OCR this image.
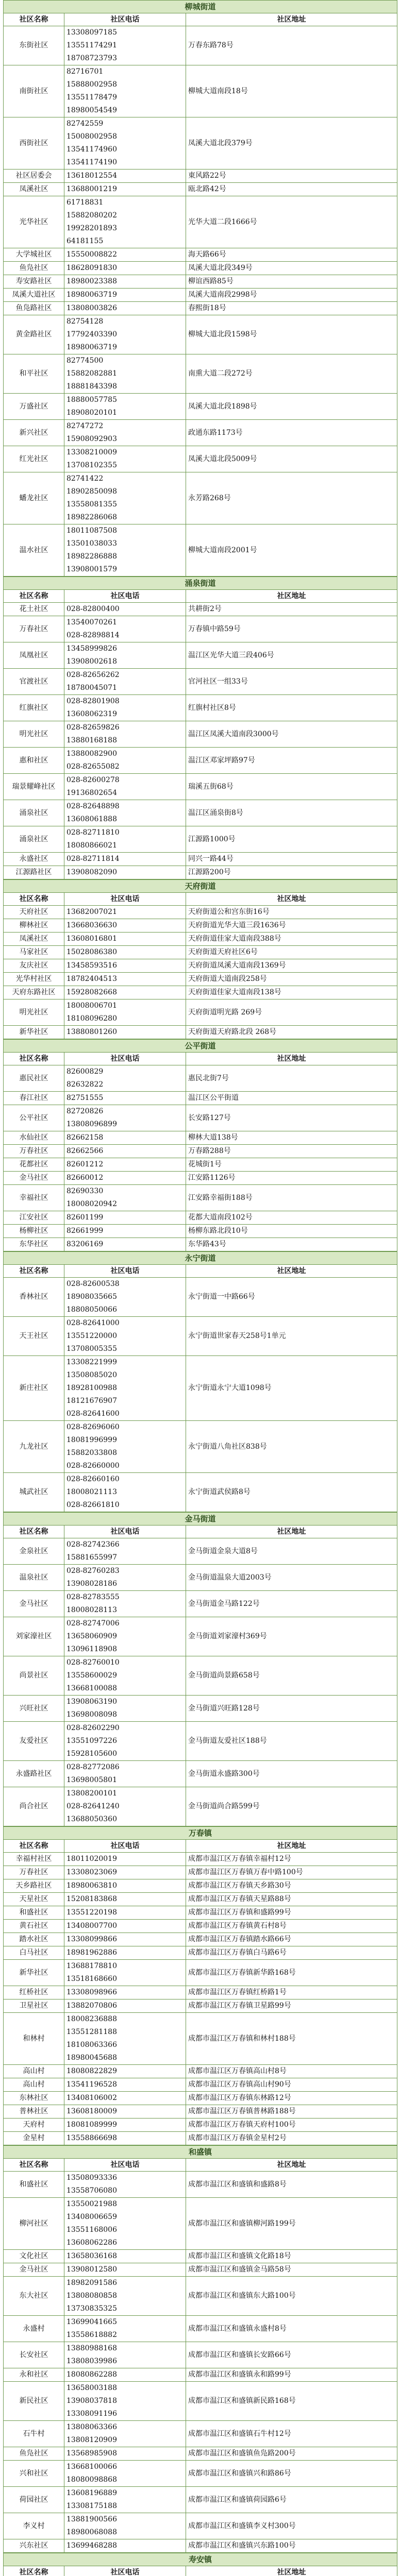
柳城街道		
社区名称	社区电话	社区地址
东街社区	13308097185
13551174291
18708723793	万春东路78号
南街社区	82716701
15888002958
13551178479
18980054549	柳城大道南段18号
西街社区	82742559
15008002958
13541174960
13541174190	凤溪大道北段379号
社区居委会	13618012554	東风路22号
凤溪社区	13688001219	瓯北路42号
光华社区	61718831
15882080202
19928201893
64181155	光华大道二段1666号
大学城社区	15550008822	海天路66号
鱼凫社区	18628091830	凤溪大道北段349号
寿安路社区	18980023388	柳谊西路85号
凤溪大道社区	18980063719	凤溪大道南段2998号
鱼凫路社区	13808003826	春熙街18号
黄金路社区	82754128
17792403390
18980063719	柳城大道北段1598号
和平社区	82774500
15882082881
18881843398	南熏大道二段272号
万盛社区	18880057785
18908020101	凤溪大道北段1898号
新兴社区	82747272
15908092903	政通东路1173号
红光社区	13308210009
13708102355	凤溪大道北段5009号
蟠龙社区	82741422
18902850098
13558081355
18982286068	永芳路268号
温水社区	18011087508
13501038033
18982286888
13908001579	柳城大道南段2001号
涌泉街道		
社区名称	社区电话	社区地址
花土社区	028-82800400	共耕街2号
万春社区	13540070261
028-82898814	万春镇中路59号
凤凰社区	13458999826
13908002618	温江区光华大道三段406号
官渡社区	028-82656262
18780045071	官河社区一组33号
红旗社区	028-82801908
13608062319	红旗村社区8号
明光社区	028-82659826
13880168188	温江区凤溪大道南段3000号
惠和社区	13880082900
028-82655082	温江区邓家坪路97号
瑞景耀峰社区	028-82600278
19136802654	瑞溪五街68号
涌泉社区	028-82648898
13608061888	温江区涌泉街8号
涌泉社区	028-82711810
18080866021	江源路1000号
永盛社区	028-82711814	同兴一路44号
江源路社区	13908082090	江源路200号
天府街道		
社区名称	社区电话	社区地址
天府社区	13682007021	天府街道公和宫东街16号
柳林社区	13668036630	天府街道光华大道三段1636号
凤溪社区	13608016801	天府街道佳家大道南段388号
马家社区	15028086380	天府街道天府社区6号
友庆社区	13458593516	天府街道凤溪大道南段1369号
光华村社区	18782404513	天府街道大道南段258号
天府东路社区	15928082668	天府街道佳家大道南段138号
明光社区	18008006701
18108096280	天府街道明光路 269号
新华社区	13880801260	天府街道天府路北段 268号
公平街道		
社区名称	社区电话	社区地址
惠民社区	82600829
82632822	惠民北街7号
春江社区	82751555	温江区公平街道
公平社区	82720826
13808096899	长安路127号
水仙社区	82662158	柳林大道138号
万春社区	82662566	万春路288号
花都社区	82601212	花城街1号
金马社区	82660012	江安路1126号
幸福社区	82690330
18008020942	江安路幸福街188号
江安社区	82601199	花都大道南段102号
杨柳社区	82661999	杨柳东路北段10号
东华社区	83206169	东华路43号
永宁街道		
社区名称	社区电话	社区地址
香林社区	028-82600538
18908035665
18808050066	永宁街道一中路66号
天王社区	028-82641000
13551220000
13708005355	永宁街道世家春天258号1单元
新庄社区	13308221999
13508085020
18928100988
18121676907
028-82641600	永宁街道永宁大道1098号
九龙社区	028-82696060
18081996999
15882033808
028-82660000	永宁街道八角社区838号
城武社区	028-82660160
18008021113
028-82661810	永宁街道武侯路8号
金马街道		
社区名称	社区电话	社区地址
金泉社区	028-82742366
15881655997	金马街道金泉大道8号
温泉社区	028-82760283
13908028186	金马街道温泉大道2003号
金马社区	028-82783555
18008028113	金马街道金马路122号
刘家濠社区	028-82747006
13658060909
13096118908	金马街道刘家濠村369号
尚景社区	028-82760010
13558600029
13668100088	金马街道尚景路658号
兴旺社区	13908063190
13698008098	金马街道兴旺路128号
友爱社区	028-82602290
13551097226
15928105600	金马街道友爱社区188号
永盛路社区	028-82772086
13698005801	金马街道永盛路300号
尚合社区	13808200101
028-82641240
13688050360	金马街道尚合路599号
万春镇		
社区名称	社区电话	社区地址
幸福村社区	18011020019	成都市温江区万春镇幸福村12号
万春社区	13308023069	成都市温江区万春镇万春中路100号
天乡路社区	18980063810	成都市温江区万春镇天乡路30号
天星社区	15208183868	成都市温江区万春镇天星路88号
和盛社区	13551220198	成都市温江区万春镇和盛路99号
黄石社区	13408007700	成都市温江区万春镇黄石村8号
踏水社区	13308099866	成都市温江区万春镇踏水路66号
白马社区	18981962886	成都市温江区万春镇白马路6号
新华社区	13688178810
13518168660	成都市温江区万春镇新华路168号
红桥社区	13308098966	成都市温江区万春镇红桥路1号
卫星社区	13882070806	成都市温江区万春镇卫星路99号
和林村	18008236888
13551281188
18108063366
18980045688	成都市温江区万春镇和林村188号
高山村	18080822829	成都市温江区万春镇高山村8号
高山村	13541196528	成都市温江区万春镇高山村90号
东林社区	13408106002	成都市温江区万春镇东林路12号
普林社区	13608180009	成都市温江区万春镇普林路188号
天府村	18081089999	成都市温江区万春镇天府村100号
金星村	13558866698	成都市温江区万春镇金星村2号
和盛镇		
社区名称	社区电话	社区地址
和盛社区	13508093336
13558706080	成都市温江区和盛镇和盛路8号
柳河社区	13550021988
13408006659
13551168006
13608062286	成都市温江区和盛镇柳河路199号
文化社区	13658036168	成都市温江区和盛镇文化路18号
金马社区	13908012580	成都市温江区和盛镇金马路58号
东大社区	18982091586
13808080858
13730835325	成都市温江区和盛镇东大路100号
永盛村	13699041665
13558618882	成都市温江区和盛镇永盛村8号
长安社区	13880988168
13808039986	成都市温江区和盛镇长安路66号
永和社区	18080862288	成都市温江区和盛镇永和路99号
新民社区	13658003188
13908037818
13308091196	成都市温江区和盛镇新民路168号
石牛村	13808063366
13808120909	成都市温江区和盛镇石牛村12号
鱼凫社区	13568985908	成都市温江区和盛镇鱼凫路200号
兴和社区	13668100066
18080098868	成都市温江区和盛镇兴和路86号
荷园社区	13608196889
13308175188	成都市温江区和盛镇荷园路6号
李义村	13881900566
18980068088	成都市温江区和盛镇李义村300号
兴东社区	13699468288	成都市温江区和盛镇兴东路100号
寿安镇		
社区名称	社区电话	社区地址
